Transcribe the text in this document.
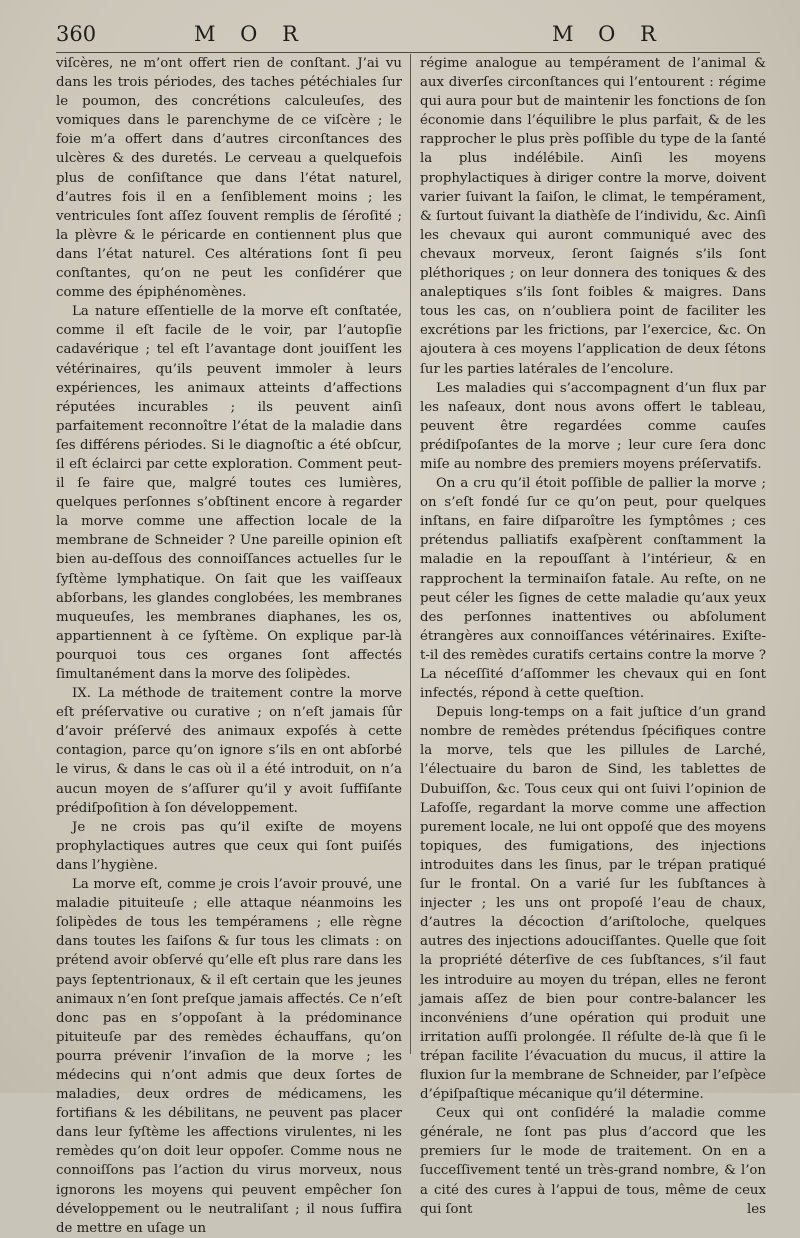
360	M O R	M O R

viſcères, ne m’ont offert rien de conſtant. J’ai vu dans les trois périodes, des taches pétéchiales ſur le poumon, des concrétions calculeuſes, des vomiques dans le parenchyme de ce viſcère ; le foie m’a offert dans d’autres circonſtances des ulcères & des duretés. Le cerveau a quelquefois plus de conſiſtance que dans l’état naturel, d’autres fois il en a ſenſiblement moins ; les ventricules ſont aſſez ſouvent remplis de ſéroſité ; la plèvre & le péricarde en contiennent plus que dans l’état naturel. Ces altérations ſont ſi peu conſtantes, qu’on ne peut les conſidérer que comme des épiphénomènes.

La nature eſſentielle de la morve eſt conſtatée, comme il eſt facile de le voir, par l’autopſie cadavérique ; tel eſt l’avantage dont jouiſſent les vétérinaires, qu’ils peuvent immoler à leurs expériences, les animaux atteints d’affections réputées incurables ; ils peuvent ainſi parfaitement reconnoître l’état de la maladie dans ſes différens périodes. Si le diagnoſtic a été obſcur, il eſt éclairci par cette exploration. Comment peut-il ſe faire que, malgré toutes ces lumières, quelques perſonnes s’obſtinent encore à regarder la morve comme une affection locale de la membrane de Schneider ? Une pareille opinion eſt bien au-deſſous des connoiſſances actuelles ſur le ſyſtème lymphatique. On ſait que les vaiſſeaux abſorbans, les glandes conglobées, les membranes muqueuſes, les membranes diaphanes, les os, appartiennent à ce ſyſtème. On explique par-là pourquoi tous ces organes ſont affectés ſimultanément dans la morve des ſolipèdes.

IX. La méthode de traitement contre la morve eſt préſervative ou curative ; on n’eſt jamais ſûr d’avoir préſervé des animaux expoſés à cette contagion, parce qu’on ignore s’ils en ont abſorbé le virus, & dans le cas où il a été introduit, on n’a aucun moyen de s’aſſurer qu’il y avoit ſuffiſante prédiſpoſition à ſon développement.

Je ne crois pas qu’il exiſte de moyens prophylactiques autres que ceux qui ſont puiſés dans l’hygiène.

La morve eſt, comme je crois l’avoir prouvé, une maladie pituiteuſe ; elle attaque néanmoins les ſolipèdes de tous les tempéramens ; elle règne dans toutes les ſaiſons & ſur tous les climats : on prétend avoir obſervé qu’elle eſt plus rare dans les pays ſeptentrionaux, & il eſt certain que les jeunes animaux n’en ſont preſque jamais affectés. Ce n’eſt donc pas en s’oppoſant à la prédominance pituiteuſe par des remèdes échauffans, qu’on pourra prévenir l’invaſion de la morve ; les médecins qui n’ont admis que deux ſortes de maladies, deux ordres de médicamens, les fortifians & les débilitans, ne peuvent pas placer dans leur ſyſtème les affections virulentes, ni les remèdes qu’on doit leur oppoſer. Comme nous ne connoiſſons pas l’action du virus morveux, nous ignorons les moyens qui peuvent empêcher ſon développement ou le neutraliſant ; il nous ſuffira de mettre en uſage un

régime analogue au tempérament de l’animal & aux diverſes circonſtances qui l’entourent : régime qui aura pour but de maintenir les fonctions de ſon économie dans l’équilibre le plus parfait, & de les rapprocher le plus près poſſible du type de la ſanté la plus indélébile. Ainſi les moyens prophylactiques à diriger contre la morve, doivent varier ſuivant la ſaiſon, le climat, le tempérament, & ſurtout ſuivant la diathèſe de l’individu, &c. Ainſi les chevaux qui auront communiqué avec des chevaux morveux, ſeront ſaignés s’ils ſont pléthoriques ; on leur donnera des toniques & des analeptiques s’ils ſont foibles & maigres. Dans tous les cas, on n’oubliera point de faciliter les excrétions par les frictions, par l’exercice, &c. On ajoutera à ces moyens l’application de deux ſétons ſur les parties latérales de l’encolure.

Les maladies qui s’accompagnent d’un flux par les naſeaux, dont nous avons offert le tableau, peuvent être regardées comme cauſes prédiſpoſantes de la morve ; leur cure ſera donc miſe au nombre des premiers moyens préſervatifs.

On a cru qu’il étoit poſſible de pallier la morve ; on s’eſt fondé ſur ce qu’on peut, pour quelques inſtans, en faire diſparoître les ſymptômes ; ces prétendus palliatifs exaſpèrent conſtamment la maladie en la repouſſant à l’intérieur, & en rapprochent la terminaiſon fatale. Au reſte, on ne peut céler les ſignes de cette maladie qu’aux yeux des perſonnes inattentives ou abſolument étrangères aux connoiſſances vétérinaires. Exiſte-t-il des remèdes curatifs certains contre la morve ? La néceſſité d’aſſommer les chevaux qui en ſont infectés, répond à cette queſtion.

Depuis long-temps on a fait juſtice d’un grand nombre de remèdes prétendus ſpécifiques contre la morve, tels que les pillules de Larché, l’électuaire du baron de Sind, les tablettes de Dubuiſſon, &c. Tous ceux qui ont ſuivi l’opinion de Lafoſſe, regardant la morve comme une affection purement locale, ne lui ont oppoſé que des moyens topiques, des fumigations, des injections introduites dans les ſinus, par le trépan pratiqué ſur le frontal. On a varié ſur les ſubſtances à injecter ; les uns ont propoſé l’eau de chaux, d’autres la décoction d’ariſtoloche, quelques autres des injections adouciſſantes. Quelle que ſoit la propriété déterſive de ces ſubſtances, s’il faut les introduire au moyen du trépan, elles ne feront jamais aſſez de bien pour contre-balancer les inconvéniens d’une opération qui produit une irritation auſſi prolongée. Il réſulte de-là que ſi le trépan facilite l’évacuation du mucus, il attire la fluxion ſur la membrane de Schneider, par l’eſpèce d’épiſpaſtique mécanique qu’il détermine.

Ceux qui ont conſidéré la maladie comme générale, ne ſont pas plus d’accord que les premiers ſur le mode de traitement. On en a ſucceſſivement tenté un très-grand nombre, & l’on a cité des cures à l’appui de tous, même de ceux qui ſont	les
